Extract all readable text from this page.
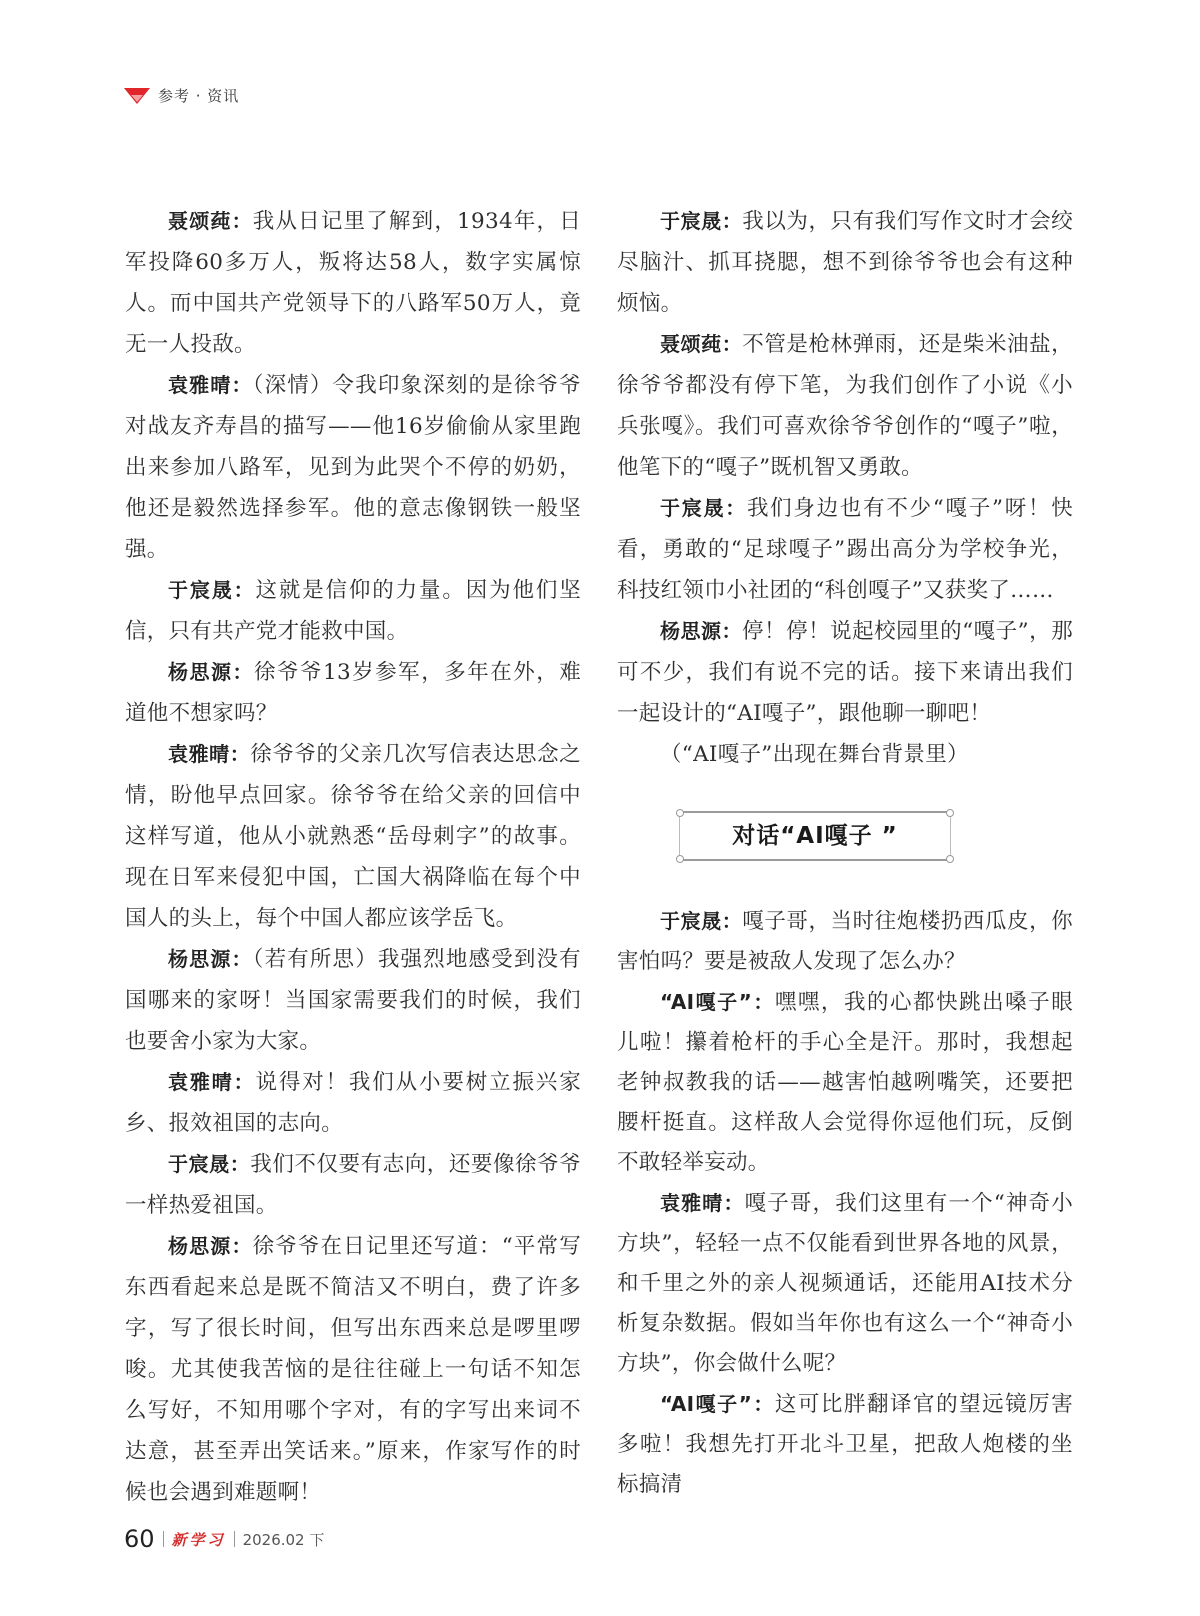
参考 · 资讯

聂颂莼：我从日记里了解到，1934年，日军投降60多万人，叛将达58人，数字实属惊人。而中国共产党领导下的八路军50万人，竟无一人投敌。

袁雅晴：（深情）令我印象深刻的是徐爷爷对战友齐寿昌的描写——他16岁偷偷从家里跑出来参加八路军，见到为此哭个不停的奶奶，他还是毅然选择参军。他的意志像钢铁一般坚强。

于宸晟：这就是信仰的力量。因为他们坚信，只有共产党才能救中国。

杨思源：徐爷爷13岁参军，多年在外，难道他不想家吗？

袁雅晴：徐爷爷的父亲几次写信表达思念之情，盼他早点回家。徐爷爷在给父亲的回信中这样写道，他从小就熟悉“岳母刺字”的故事。现在日军来侵犯中国，亡国大祸降临在每个中国人的头上，每个中国人都应该学岳飞。

杨思源：（若有所思）我强烈地感受到没有国哪来的家呀！当国家需要我们的时候，我们也要舍小家为大家。

袁雅晴：说得对！我们从小要树立振兴家乡、报效祖国的志向。

于宸晟：我们不仅要有志向，还要像徐爷爷一样热爱祖国。

杨思源：徐爷爷在日记里还写道：“平常写东西看起来总是既不简洁又不明白，费了许多字，写了很长时间，但写出东西来总是啰里啰唆。尤其使我苦恼的是往往碰上一句话不知怎么写好，不知用哪个字对，有的字写出来词不达意，甚至弄出笑话来。”原来，作家写作的时候也会遇到难题啊！

于宸晟：我以为，只有我们写作文时才会绞尽脑汁、抓耳挠腮，想不到徐爷爷也会有这种烦恼。

聂颂莼：不管是枪林弹雨，还是柴米油盐，徐爷爷都没有停下笔，为我们创作了小说《小兵张嘎》。我们可喜欢徐爷爷创作的“嘎子”啦，他笔下的“嘎子”既机智又勇敢。

于宸晟：我们身边也有不少“嘎子”呀！快看，勇敢的“足球嘎子”踢出高分为学校争光，科技红领巾小社团的“科创嘎子”又获奖了……

杨思源：停！停！说起校园里的“嘎子”，那可不少，我们有说不完的话。接下来请出我们一起设计的“AI嘎子”，跟他聊一聊吧！

（“AI嘎子”出现在舞台背景里）

对话“AI嘎子 ”

于宸晟：嘎子哥，当时往炮楼扔西瓜皮，你害怕吗？要是被敌人发现了怎么办？

“AI嘎子”：嘿嘿，我的心都快跳出嗓子眼儿啦！攥着枪杆的手心全是汗。那时，我想起老钟叔教我的话——越害怕越咧嘴笑，还要把腰杆挺直。这样敌人会觉得你逗他们玩，反倒不敢轻举妄动。

袁雅晴：嘎子哥，我们这里有一个“神奇小方块”，轻轻一点不仅能看到世界各地的风景，和千里之外的亲人视频通话，还能用AI技术分析复杂数据。假如当年你也有这么一个“神奇小方块”，你会做什么呢？

“AI嘎子”：这可比胖翻译官的望远镜厉害多啦！我想先打开北斗卫星，把敌人炮楼的坐标搞清

60 新学习 2026.02 下
